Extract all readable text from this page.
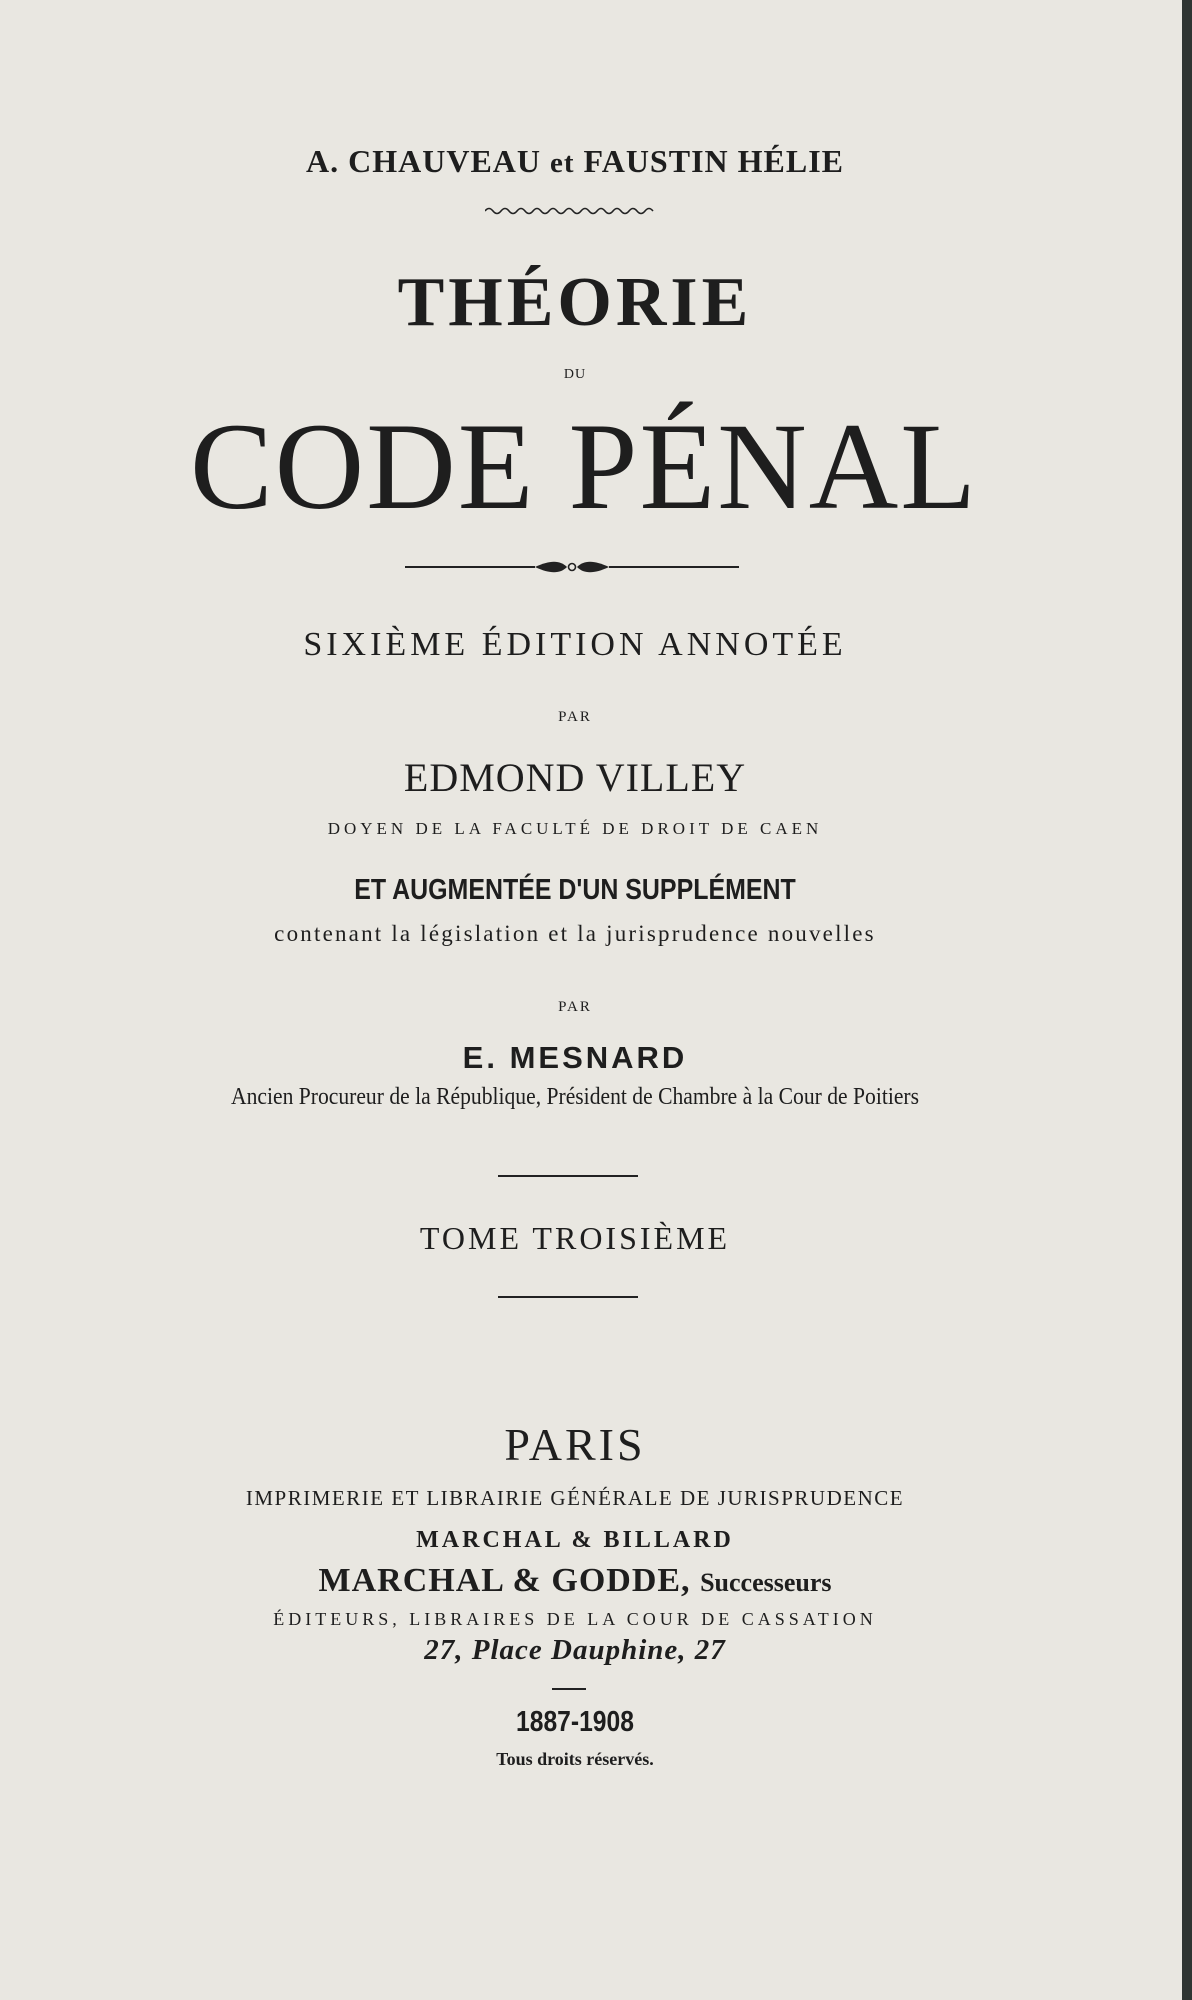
A. CHAUVEAU et FAUSTIN HÉLIE

THÉORIE

DU

CODE PÉNAL

SIXIÈME ÉDITION ANNOTÉE

PAR

EDMOND VILLEY

DOYEN DE LA FACULTÉ DE DROIT DE CAEN

ET AUGMENTÉE D'UN SUPPLÉMENT

contenant la législation et la jurisprudence nouvelles

PAR

E. MESNARD

Ancien Procureur de la République, Président de Chambre à la Cour de Poitiers

TOME TROISIÈME

PARIS

IMPRIMERIE ET LIBRAIRIE GÉNÉRALE DE JURISPRUDENCE

MARCHAL & BILLARD

MARCHAL & GODDE, Successeurs

ÉDITEURS, LIBRAIRES DE LA COUR DE CASSATION

27, Place Dauphine, 27

1887-1908

Tous droits réservés.
